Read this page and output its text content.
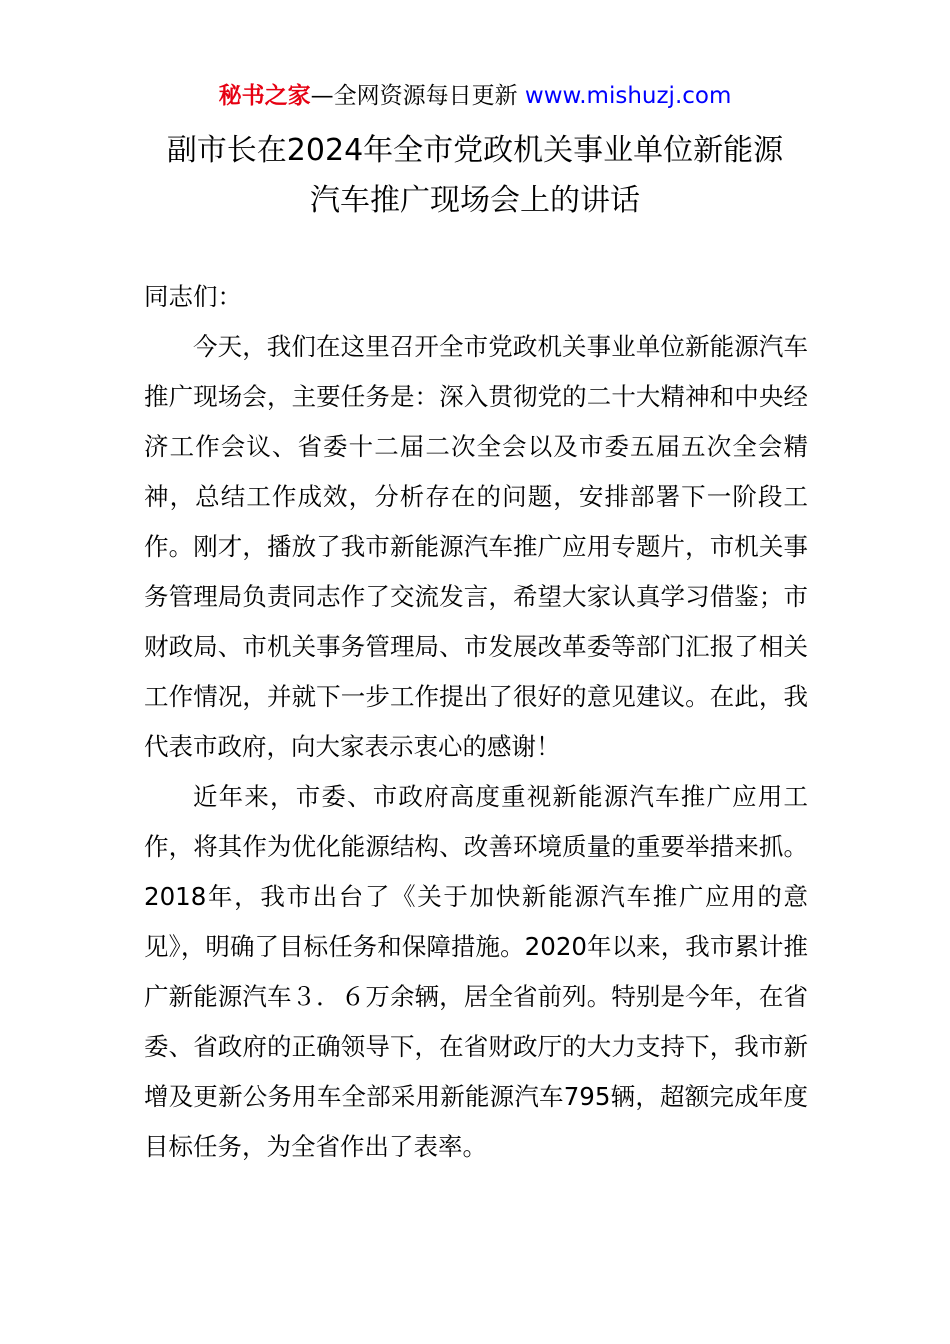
秘书之家—全网资源每日更新 www.mishuzj.com
副市长在2024年全市党政机关事业单位新能源
汽车推广现场会上的讲话

同志们：

今天，我们在这里召开全市党政机关事业单位新能源汽车推广现场会，主要任务是：深入贯彻党的二十大精神和中央经济工作会议、省委十二届二次全会以及市委五届五次全会精神，总结工作成效，分析存在的问题，安排部署下一阶段工作。刚才，播放了我市新能源汽车推广应用专题片，市机关事务管理局负责同志作了交流发言，希望大家认真学习借鉴；市财政局、市机关事务管理局、市发展改革委等部门汇报了相关工作情况，并就下一步工作提出了很好的意见建议。在此，我代表市政府，向大家表示衷心的感谢！

近年来，市委、市政府高度重视新能源汽车推广应用工作，将其作为优化能源结构、改善环境质量的重要举措来抓。2018年，我市出台了《关于加快新能源汽车推广应用的意见》，明确了目标任务和保障措施。2020年以来，我市累计推广新能源汽车３．６万余辆，居全省前列。特别是今年，在省委、省政府的正确领导下，在省财政厅的大力支持下，我市新增及更新公务用车全部采用新能源汽车795辆，超额完成年度目标任务，为全省作出了表率。
